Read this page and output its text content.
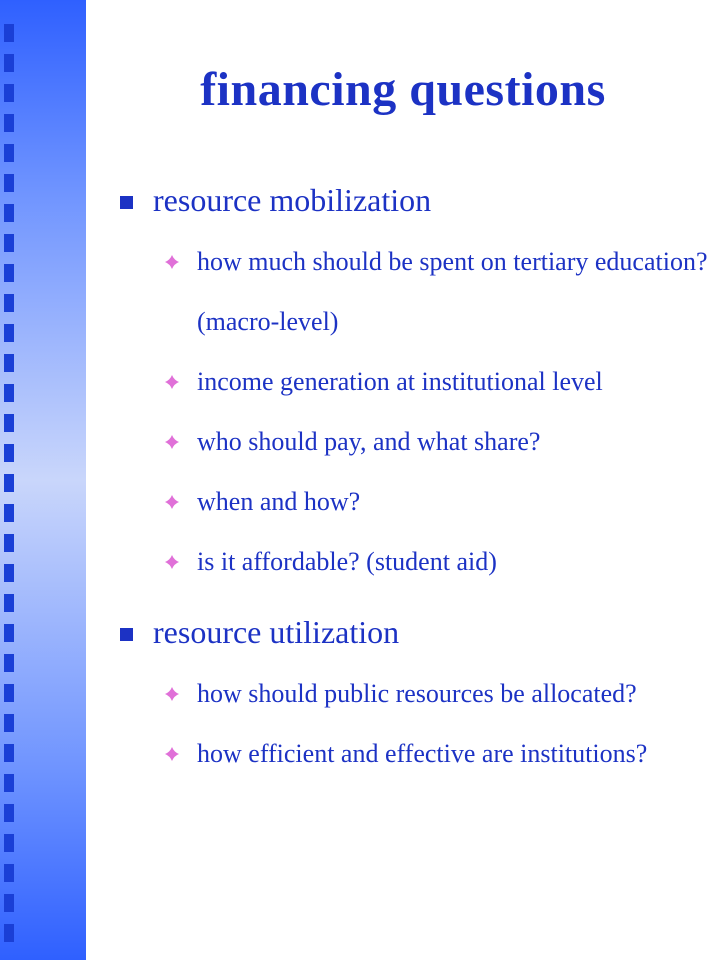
financing questions
resource mobilization
how much should be spent on tertiary education? (macro-level)
income generation at institutional level
who should pay, and what share?
when and how?
is it affordable? (student aid)
resource utilization
how should public resources be allocated?
how efficient and effective are institutions?
